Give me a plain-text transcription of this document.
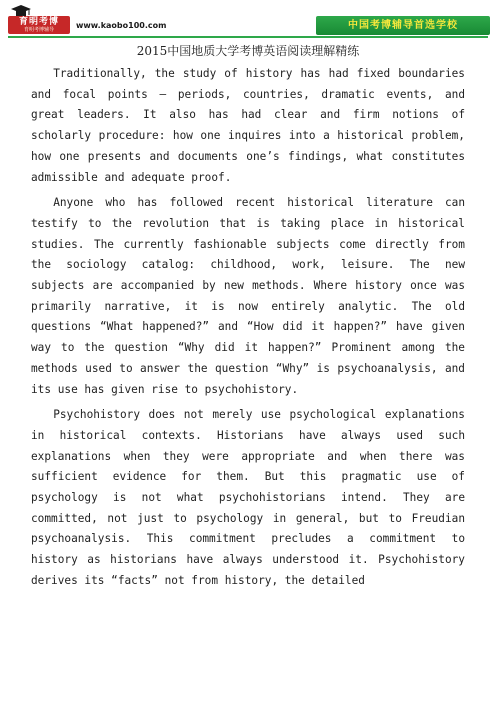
育明考博
育明考博辅导	www.kaobo100.com	中国考博辅导首选学校
2015中国地质大学考博英语阅读理解精练

Traditionally, the study of history has had fixed boundaries and focal points — periods, countries, dramatic events, and great leaders. It also has had clear and firm notions of scholarly procedure: how one inquires into a historical problem, how one presents and documents one’s findings, what constitutes admissible and adequate proof.

Anyone who has followed recent historical literature can testify to the revolution that is taking place in historical studies. The currently fashionable subjects come directly from the sociology catalog: childhood, work, leisure. The new subjects are accompanied by new methods. Where history once was primarily narrative, it is now entirely analytic. The old questions “What happened?” and “How did it happen?” have given way to the question “Why did it happen?” Prominent among the methods used to answer the question “Why” is psychoanalysis, and its use has given rise to psychohistory.

Psychohistory does not merely use psychological explanations in historical contexts. Historians have always used such explanations when they were appropriate and when there was sufficient evidence for them. But this pragmatic use of psychology is not what psychohistorians intend. They are committed, not just to psychology in general, but to Freudian psychoanalysis. This commitment precludes a commitment to history as historians have always understood it. Psychohistory derives its “facts” not from history, the detailed
